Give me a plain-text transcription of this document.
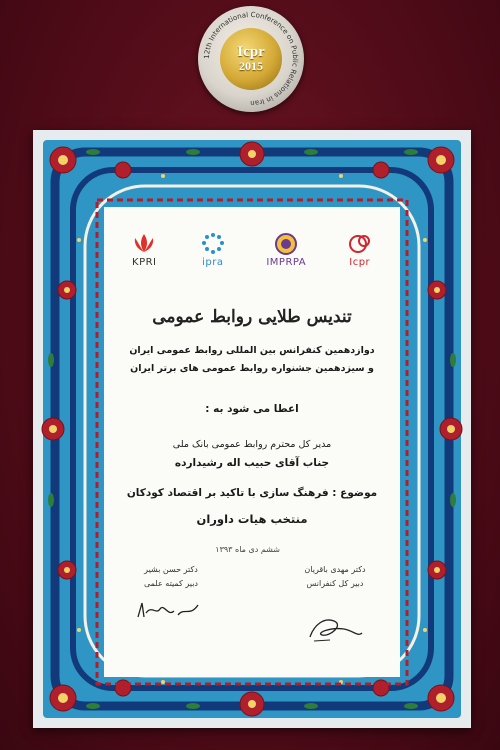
12th International Conference on Public Relations in Iran
Icpr
2015
KPRI	ipra	IMPRPA	Icpr
تندیس طلایی روابط عمومی
دوازدهمین کنفرانس بین المللی روابط عمومی ایران
و سیزدهمین جشنواره روابط عمومی های برتر ایران
اعطا می شود به :
مدیر کل محترم روابط عمومی بانک ملی
جناب آقای حبیب اله رشیدارده
موضوع : فرهنگ سازی با تاکید بر اقتصاد کودکان
منتخب هیات داوران
ششم دی ماه ۱۳۹۳
دکتر مهدی باقریان
دبیر کل کنفرانس
دکتر حسن بشیر
دبیر کمیته علمی
